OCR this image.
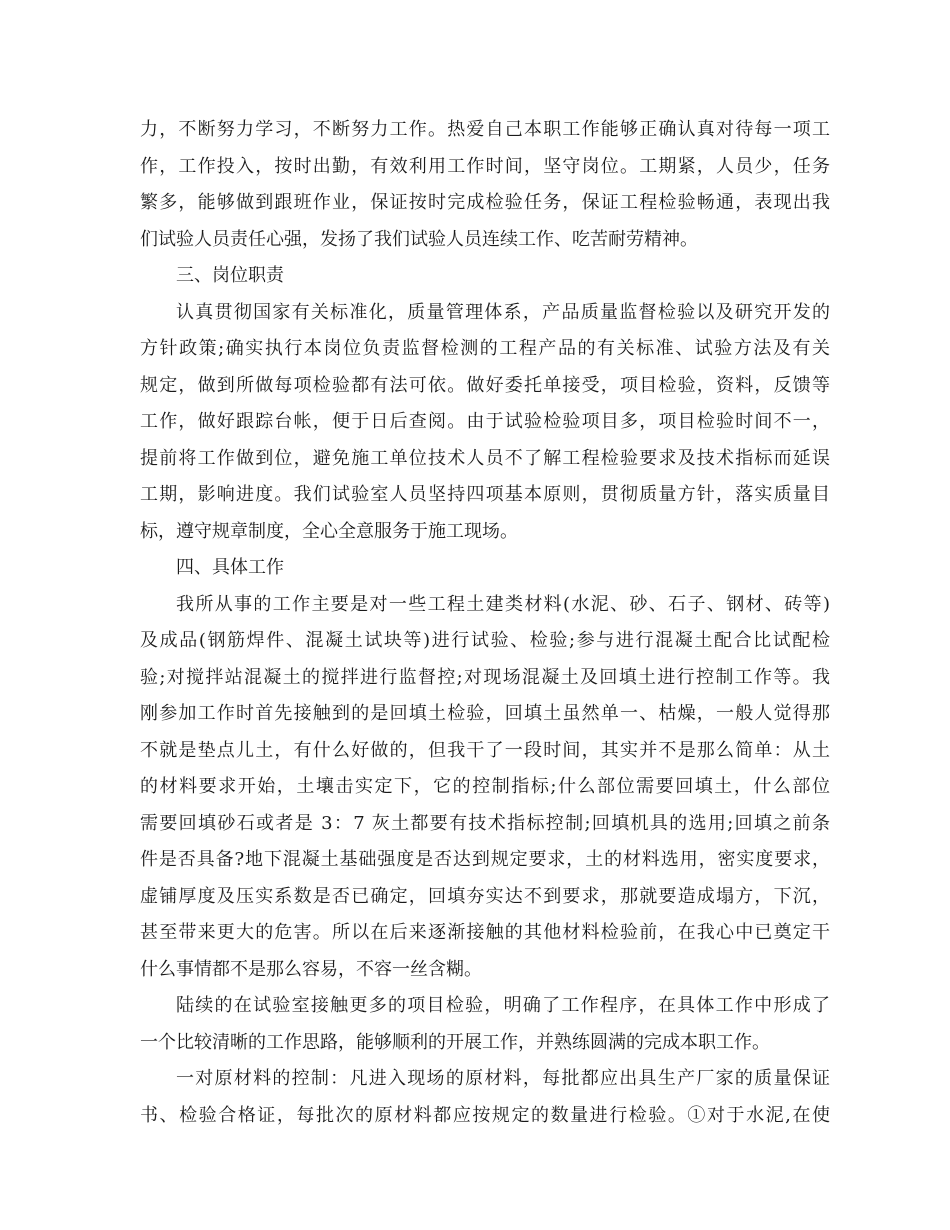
力，不断努力学习，不断努力工作。热爱自己本职工作能够正确认真对待每一项工
作，工作投入，按时出勤，有效利用工作时间，坚守岗位。工期紧，人员少，任务
繁多，能够做到跟班作业，保证按时完成检验任务，保证工程检验畅通，表现出我
们试验人员责任心强，发扬了我们试验人员连续工作、吃苦耐劳精神。
三、岗位职责
认真贯彻国家有关标准化，质量管理体系，产品质量监督检验以及研究开发的
方针政策;确实执行本岗位负责监督检测的工程产品的有关标准、试验方法及有关
规定，做到所做每项检验都有法可依。做好委托单接受，项目检验，资料，反馈等
工作，做好跟踪台帐，便于日后查阅。由于试验检验项目多，项目检验时间不一，
提前将工作做到位，避免施工单位技术人员不了解工程检验要求及技术指标而延误
工期，影响进度。我们试验室人员坚持四项基本原则，贯彻质量方针，落实质量目
标，遵守规章制度，全心全意服务于施工现场。
四、具体工作
我所从事的工作主要是对一些工程土建类材料(水泥、砂、石子、钢材、砖等)
及成品(钢筋焊件、混凝土试块等)进行试验、检验;参与进行混凝土配合比试配检
验;对搅拌站混凝土的搅拌进行监督控;对现场混凝土及回填土进行控制工作等。我
刚参加工作时首先接触到的是回填土检验，回填土虽然单一、枯燥，一般人觉得那
不就是垫点儿土，有什么好做的，但我干了一段时间，其实并不是那么简单：从土
的材料要求开始，土壤击实定下，它的控制指标;什么部位需要回填土，什么部位
需要回填砂石或者是 3：7 灰土都要有技术指标控制;回填机具的选用;回填之前条
件是否具备?地下混凝土基础强度是否达到规定要求，土的材料选用，密实度要求，
虚铺厚度及压实系数是否已确定，回填夯实达不到要求，那就要造成塌方，下沉，
甚至带来更大的危害。所以在后来逐渐接触的其他材料检验前，在我心中已奠定干
什么事情都不是那么容易，不容一丝含糊。
陆续的在试验室接触更多的项目检验，明确了工作程序，在具体工作中形成了
一个比较清晰的工作思路，能够顺利的开展工作，并熟练圆满的完成本职工作。
一对原材料的控制：凡进入现场的原材料，每批都应出具生产厂家的质量保证
书、检验合格证，每批次的原材料都应按规定的数量进行检验。①对于水泥,在使
